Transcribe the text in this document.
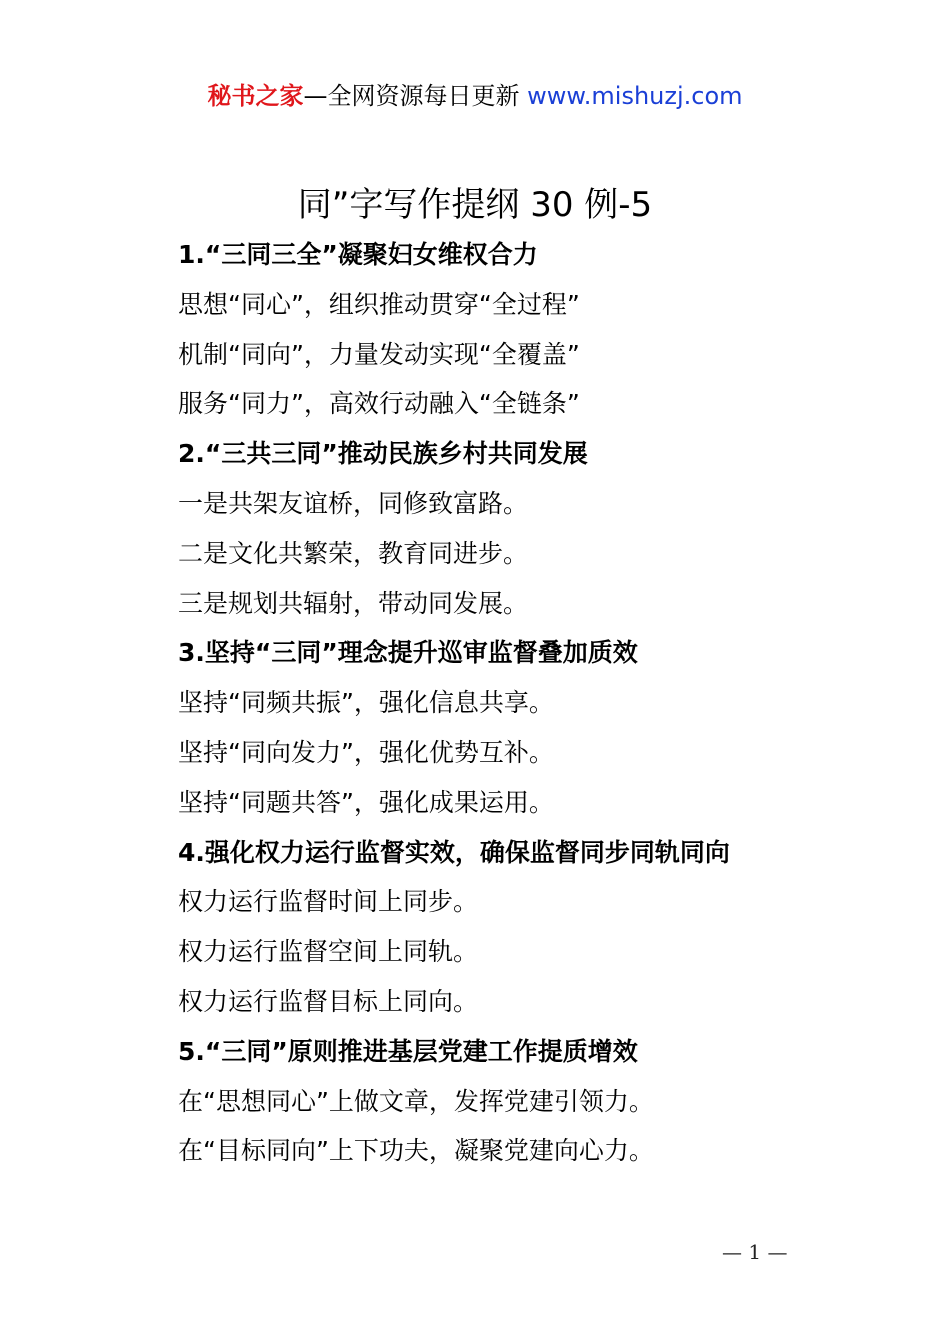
秘书之家—全网资源每日更新 www.mishuzj.com
同”字写作提纲 30 例-5
1.“三同三全”凝聚妇女维权合力
思想“同心”，组织推动贯穿“全过程”
机制“同向”，力量发动实现“全覆盖”
服务“同力”，高效行动融入“全链条”
2.“三共三同”推动民族乡村共同发展
一是共架友谊桥，同修致富路。
二是文化共繁荣，教育同进步。
三是规划共辐射，带动同发展。
3.坚持“三同”理念提升巡审监督叠加质效
坚持“同频共振”，强化信息共享。
坚持“同向发力”，强化优势互补。
坚持“同题共答”，强化成果运用。
4.强化权力运行监督实效，确保监督同步同轨同向
权力运行监督时间上同步。
权力运行监督空间上同轨。
权力运行监督目标上同向。
5.“三同”原则推进基层党建工作提质增效
在“思想同心”上做文章，发挥党建引领力。
在“目标同向”上下功夫，凝聚党建向心力。
— 1 —
